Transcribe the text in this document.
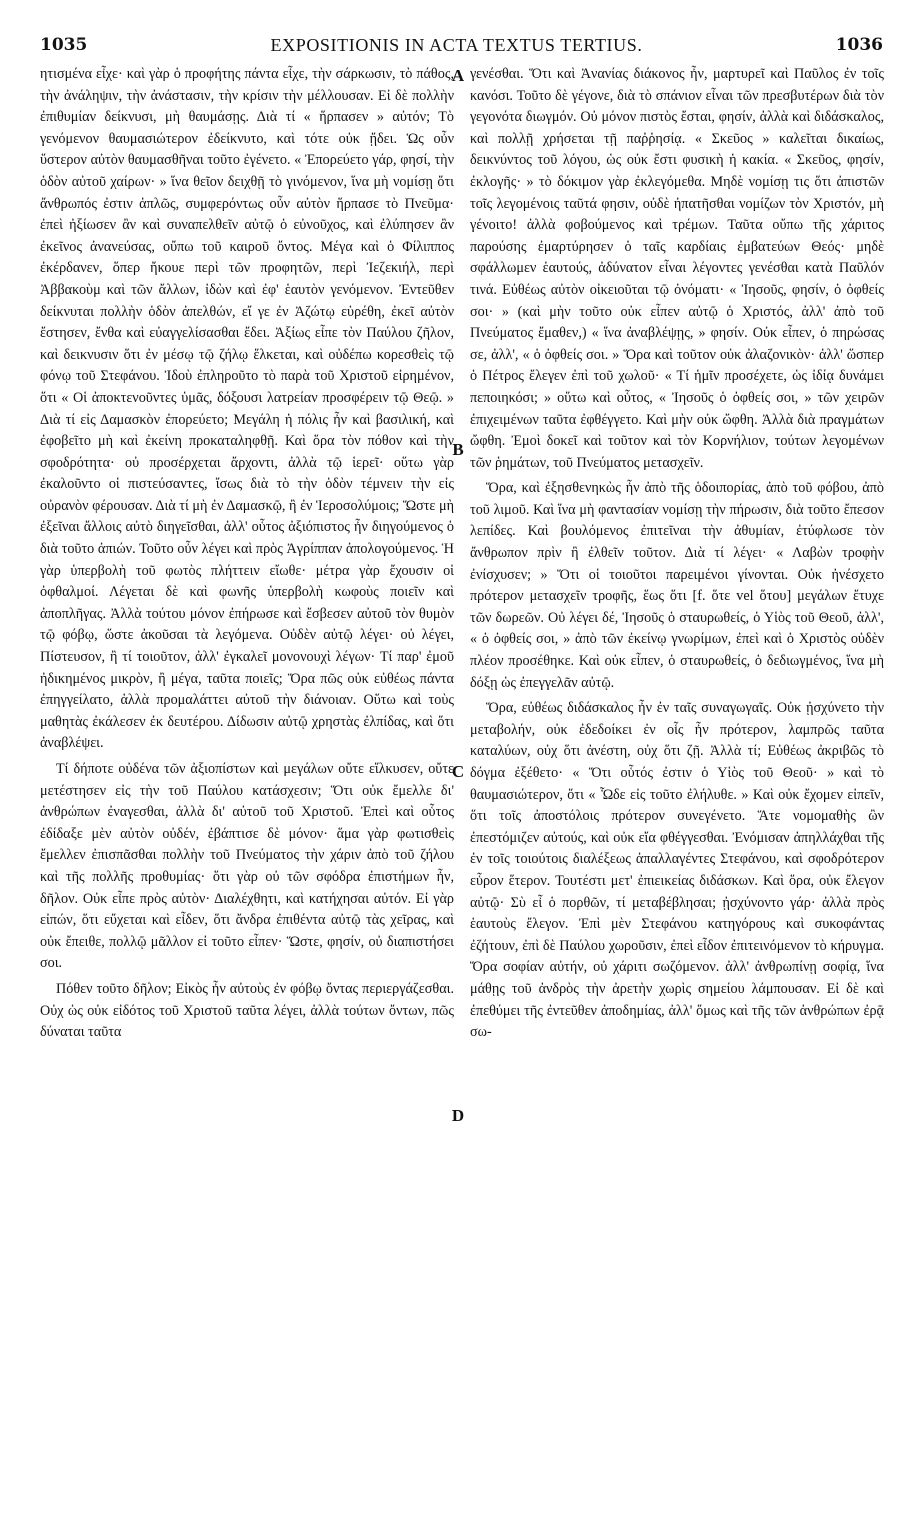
1035	EXPOSITIONIS IN ACTA TEXTUS TERTIUS.	1036
A
B
C
D

ητισμένα εἶχε· καὶ γὰρ ὁ προφήτης πάντα εἶχε, τὴν σάρκωσιν, τὸ πάθος, τὴν ἀνάληψιν, τὴν ἀνάστασιν, τὴν κρίσιν τὴν μέλλουσαν. Εἰ δὲ πολλὴν ἐπιθυμίαν δείκνυσι, μὴ θαυμάσῃς. Διὰ τί « ἥρπασεν » αὐτόν; Τὸ γενόμενον θαυμασιώτερον ἐδείκνυτο, καὶ τότε οὐκ ᾔδει. Ὡς οὖν ὕστερον αὐτὸν θαυμασθῆναι τοῦτο ἐγένετο. « Ἐπορεύετο γάρ, φησί, τὴν ὁδὸν αὐτοῦ χαίρων· » ἵνα θεῖον δειχθῇ τὸ γινόμενον, ἵνα μὴ νομίσῃ ὅτι ἄνθρωπός ἐστιν ἁπλῶς, συμφερόντως οὖν αὐτὸν ἥρπασε τὸ Πνεῦμα· ἐπεὶ ἠξίωσεν ἂν καὶ συναπελθεῖν αὐτῷ ὁ εὐνοῦχος, καὶ ἐλύπησεν ἂν ἐκεῖνος ἀνανεύσας, οὔπω τοῦ καιροῦ ὄντος. Μέγα καὶ ὁ Φίλιππος ἐκέρδανεν, ὅπερ ἤκουε περὶ τῶν προφητῶν, περὶ Ἰεζεκιήλ, περὶ Ἀββακοὺμ καὶ τῶν ἄλλων, ἰδὼν καὶ ἐφ' ἑαυτὸν γενόμενον. Ἐντεῦθεν δείκνυται πολλὴν ὁδὸν ἀπελθών, εἴ γε ἐν Ἀζώτῳ εὑρέθη, ἐκεῖ αὐτὸν ἔστησεν, ἔνθα καὶ εὐαγγελίσασθαι ἔδει. Ἀξίως εἶπε τὸν Παύλου ζῆλον, καὶ δεικνυσιν ὅτι ἐν μέσῳ τῷ ζήλῳ ἕλκεται, καὶ οὐδέπω κορεσθεὶς τῷ φόνῳ τοῦ Στεφάνου. Ἰδοὺ ἐπληροῦτο τὸ παρὰ τοῦ Χριστοῦ εἰρημένον, ὅτι « Οἱ ἀποκτενοῦντες ὑμᾶς, δόξουσι λατρείαν προσφέρειν τῷ Θεῷ. » Διὰ τί εἰς Δαμασκὸν ἐπορεύετο; Μεγάλη ἡ πόλις ἦν καὶ βασιλική, καὶ ἐφοβεῖτο μὴ καὶ ἐκείνη προκαταληφθῇ. Καὶ ὅρα τὸν πόθον καὶ τὴν σφοδρότητα· οὐ προσέρχεται ἄρχοντι, ἀλλὰ τῷ ἱερεῖ· οὕτω γὰρ ἐκαλοῦντο οἱ πιστεύσαντες, ἴσως διὰ τὸ τὴν ὁδὸν τέμνειν τὴν εἰς οὐρανὸν φέρουσαν. Διὰ τί μὴ ἐν Δαμασκῷ, ἢ ἐν Ἱεροσολύμοις; Ὥστε μὴ ἐξεῖναι ἄλλοις αὐτὸ διηγεῖσθαι, ἀλλ' οὗτος ἀξιόπιστος ἦν διηγούμενος ὁ διὰ τοῦτο ἀπιών. Τοῦτο οὖν λέγει καὶ πρὸς Ἀγρίππαν ἀπολογούμενος. Ἡ γὰρ ὑπερβολὴ τοῦ φωτὸς πλήττειν εἴωθε· μέτρα γὰρ ἔχουσιν οἱ ὀφθαλμοί. Λέγεται δὲ καὶ φωνῆς ὑπερβολὴ κωφοὺς ποιεῖν καὶ ἀποπλῆγας. Ἀλλὰ τούτου μόνον ἐπήρωσε καὶ ἔσβεσεν αὐτοῦ τὸν θυμὸν τῷ φόβῳ, ὥστε ἀκοῦσαι τὰ λεγόμενα. Οὐδὲν αὐτῷ λέγει· οὐ λέγει, Πίστευσον, ἢ τί τοιοῦτον, ἀλλ' ἐγκαλεῖ μονονουχὶ λέγων· Τί παρ' ἐμοῦ ἠδικημένος μικρὸν, ἢ μέγα, ταῦτα ποιεῖς; Ὅρα πῶς οὐκ εὐθέως πάντα ἐπηγγείλατο, ἀλλὰ προμαλάττει αὐτοῦ τὴν διάνοιαν. Οὕτω καὶ τοὺς μαθητὰς ἐκάλεσεν ἐκ δευτέρου. Δίδωσιν αὐτῷ χρηστὰς ἐλπίδας, καὶ ὅτι ἀναβλέψει.

Τί δήποτε οὐδένα τῶν ἀξιοπίστων καὶ μεγάλων οὔτε εἵλκυσεν, οὔτε μετέστησεν εἰς τὴν τοῦ Παύλου κατάσχεσιν; Ὅτι οὐκ ἔμελλε δι' ἀνθρώπων ἐναγεσθαι, ἀλλὰ δι' αὐτοῦ τοῦ Χριστοῦ. Ἐπεὶ καὶ οὗτος ἐδίδαξε μὲν αὐτὸν οὐδέν, ἐβάπτισε δὲ μόνον· ἅμα γὰρ φωτισθεὶς ἔμελλεν ἐπισπᾶσθαι πολλὴν τοῦ Πνεύματος τὴν χάριν ἀπὸ τοῦ ζήλου καὶ τῆς πολλῆς προθυμίας· ὅτι γὰρ οὐ τῶν σφόδρα ἐπιστήμων ἦν, δῆλον. Οὐκ εἶπε πρὸς αὐτὸν· Διαλέχθητι, καὶ κατήχησαι αὐτόν. Εἰ γὰρ εἰπών, ὅτι εὔχεται καὶ εἶδεν, ὅτι ἄνδρα ἐπιθέντα αὐτῷ τὰς χεῖρας, καὶ οὐκ ἔπειθε, πολλῷ μᾶλλον εἰ τοῦτο εἶπεν· Ὥστε, φησίν, οὐ διαπιστήσει σοι.

Πόθεν τοῦτο δῆλον; Εἰκὸς ἦν αὐτοὺς ἐν φόβῳ ὄντας περιεργάζεσθαι. Οὐχ ὡς οὐκ εἰδότος τοῦ Χριστοῦ ταῦτα λέγει, ἀλλὰ τούτων ὄντων, πῶς δύναται ταῦτα

γενέσθαι. Ὅτι καὶ Ἀνανίας διάκονος ἦν, μαρτυρεῖ καὶ Παῦλος ἐν τοῖς κανόσι. Τοῦτο δὲ γέγονε, διὰ τὸ σπάνιον εἶναι τῶν πρεσβυτέρων διὰ τὸν γεγονότα διωγμόν. Οὐ μόνον πιστὸς ἔσται, φησίν, ἀλλὰ καὶ διδάσκαλος, καὶ πολλῇ χρήσεται τῇ παῤῥησίᾳ. « Σκεῦος » καλεῖται δικαίως, δεικνύντος τοῦ λόγου, ὡς οὐκ ἔστι φυσικὴ ἡ κακία. « Σκεῦος, φησίν, ἐκλογῆς· » τὸ δόκιμον γὰρ ἐκλεγόμεθα. Μηδὲ νομίσῃ τις ὅτι ἀπιστῶν τοῖς λεγομένοις ταῦτά φησιν, οὐδὲ ἠπατῆσθαι νομίζων τὸν Χριστόν, μὴ γένοιτο! ἀλλὰ φοβούμενος καὶ τρέμων. Ταῦτα οὔπω τῆς χάριτος παρούσης ἐμαρτύρησεν ὁ ταῖς καρδίαις ἐμβατεύων Θεός· μηδὲ σφάλλωμεν ἑαυτούς, ἀδύνατον εἶναι λέγοντες γενέσθαι κατὰ Παῦλόν τινά. Εὐθέως αὐτὸν οἰκειοῦται τῷ ὀνόματι· « Ἰησοῦς, φησίν, ὁ ὀφθείς σοι· » (καὶ μὴν τοῦτο οὐκ εἶπεν αὐτῷ ὁ Χριστός, ἀλλ' ἀπὸ τοῦ Πνεύματος ἔμαθεν,) « ἵνα ἀναβλέψῃς, » φησίν. Οὐκ εἶπεν, ὁ πηρώσας σε, ἀλλ', « ὁ ὀφθείς σοι. » Ὅρα καὶ τοῦτον οὐκ ἀλαζονικὸν· ἀλλ' ὥσπερ ὁ Πέτρος ἔλεγεν ἐπὶ τοῦ χωλοῦ· « Τί ἡμῖν προσέχετε, ὡς ἰδίᾳ δυνάμει πεποιηκόσι; » οὕτω καὶ οὗτος, « Ἰησοῦς ὁ ὀφθείς σοι, » τῶν χειρῶν ἐπιχειμένων ταῦτα ἐφθέγγετο. Καὶ μὴν οὐκ ὤφθη. Ἀλλὰ διὰ πραγμάτων ὤφθη. Ἐμοὶ δοκεῖ καὶ τοῦτον καὶ τὸν Κορνήλιον, τούτων λεγομένων τῶν ῥημάτων, τοῦ Πνεύματος μετασχεῖν.

Ὅρα, καὶ ἐξησθενηκὼς ἦν ἀπὸ τῆς ὁδοιπορίας, ἀπὸ τοῦ φόβου, ἀπὸ τοῦ λιμοῦ. Καὶ ἵνα μὴ φαντασίαν νομίσῃ τὴν πήρωσιν, διὰ τοῦτο ἔπεσον λεπίδες. Καὶ βουλόμενος ἐπιτεῖναι τὴν ἀθυμίαν, ἐτύφλωσε τὸν ἄνθρωπον πρὶν ἢ ἐλθεῖν τοῦτον. Διὰ τί λέγει· « Λαβὼν τροφὴν ἐνίσχυσεν; » Ὅτι οἱ τοιοῦτοι παρειμένοι γίνονται. Οὐκ ἠνέσχετο πρότερον μετασχεῖν τροφῆς, ἕως ὅτι [f. ὅτε vel ὅτου] μεγάλων ἔτυχε τῶν δωρεῶν. Οὐ λέγει δέ, Ἰησοῦς ὁ σταυρωθείς, ὁ Υἱὸς τοῦ Θεοῦ, ἀλλ', « ὁ ὀφθείς σοι, » ἀπὸ τῶν ἐκείνῳ γνωρίμων, ἐπεὶ καὶ ὁ Χριστὸς οὐδὲν πλέον προσέθηκε. Καὶ οὐκ εἶπεν, ὁ σταυρωθείς, ὁ δεδιωγμένος, ἵνα μὴ δόξῃ ὡς ἐπεγγελᾶν αὐτῷ.

Ὅρα, εὐθέως διδάσκαλος ἦν ἐν ταῖς συναγωγαῖς. Οὐκ ᾐσχύνετο τὴν μεταβολήν, οὐκ ἐδεδοίκει ἐν οἷς ἦν πρότερον, λαμπρῶς ταῦτα καταλύων, οὐχ ὅτι ἀνέστη, οὐχ ὅτι ζῇ. Ἀλλὰ τί; Εὐθέως ἀκριβῶς τὸ δόγμα ἐξέθετο· « Ὅτι οὗτός ἐστιν ὁ Υἱὸς τοῦ Θεοῦ· » καὶ τὸ θαυμασιώτερον, ὅτι « Ὧδε εἰς τοῦτο ἐλήλυθε. » Καὶ οὐκ ἔχομεν εἰπεῖν, ὅτι τοῖς ἀποστόλοις πρότερον συνεγένετο. Ἅτε νομομαθὴς ὢν ἐπεστόμιζεν αὐτούς, καὶ οὐκ εἴα φθέγγεσθαι. Ἐνόμισαν ἀπηλλάχθαι τῆς ἐν τοῖς τοιούτοις διαλέξεως ἀπαλλαγέντες Στεφάνου, καὶ σφοδρότερον εὗρον ἕτερον. Τουτέστι μετ' ἐπιεικείας διδάσκων. Καὶ ὅρα, οὐκ ἔλεγον αὐτῷ· Σὺ εἶ ὁ πορθῶν, τί μεταβέβλησαι; ᾐσχύνοντο γάρ· ἀλλὰ πρὸς ἑαυτοὺς ἔλεγον. Ἐπὶ μὲν Στεφάνου κατηγόρους καὶ συκοφάντας ἐζήτουν, ἐπὶ δὲ Παύλου χωροῦσιν, ἐπεὶ εἶδον ἐπιτεινόμενον τὸ κήρυγμα. Ὅρα σοφίαν αὐτήν, οὐ χάριτι σωζόμενον. ἀλλ' ἀνθρωπίνῃ σοφίᾳ, ἵνα μάθῃς τοῦ ἀνδρὸς τὴν ἀρετὴν χωρὶς σημείου λάμπουσαν. Εἰ δὲ καὶ ἐπεθύμει τῆς ἐντεῦθεν ἀποδημίας, ἀλλ' ὅμως καὶ τῆς τῶν ἀνθρώπων ἐρᾷ σω-
